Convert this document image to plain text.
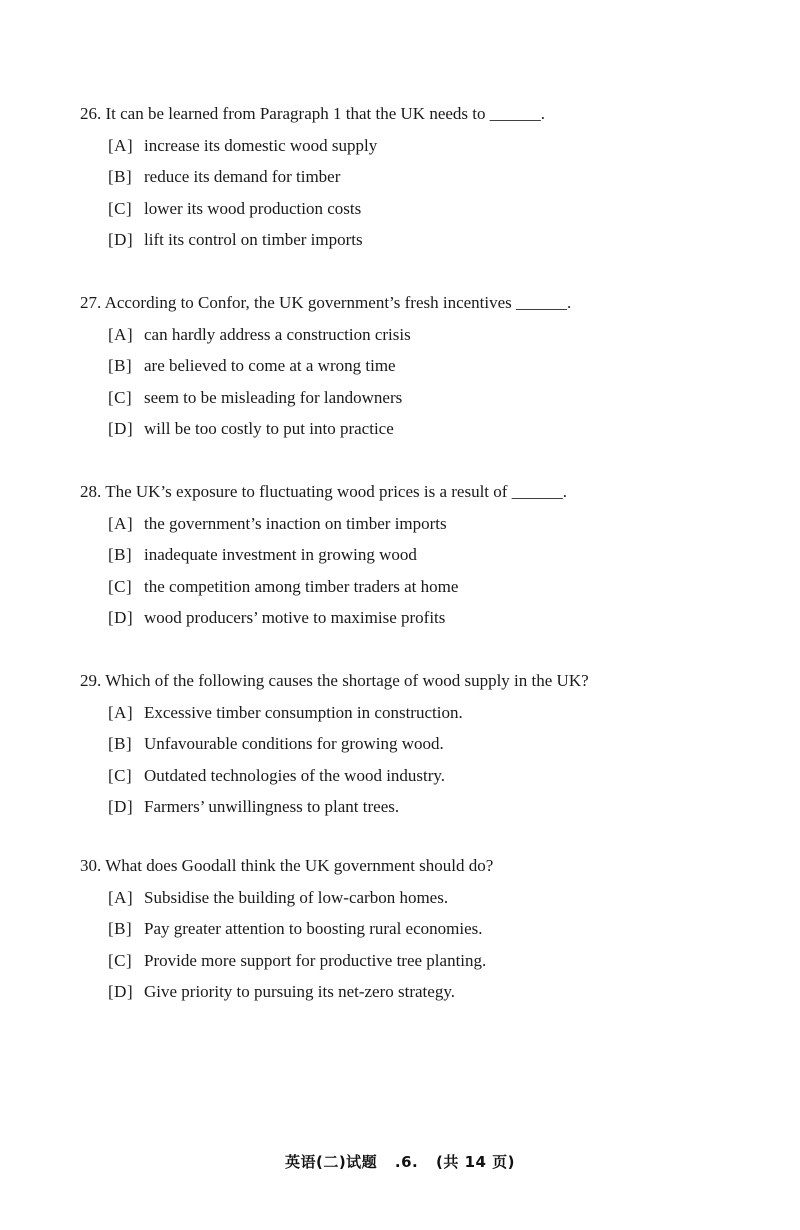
26. It can be learned from Paragraph 1 that the UK needs to ______.
[A] increase its domestic wood supply
[B] reduce its demand for timber
[C] lower its wood production costs
[D] lift its control on timber imports
27. According to Confor, the UK government’s fresh incentives ______.
[A] can hardly address a construction crisis
[B] are believed to come at a wrong time
[C] seem to be misleading for landowners
[D] will be too costly to put into practice
28. The UK’s exposure to fluctuating wood prices is a result of ______.
[A] the government’s inaction on timber imports
[B] inadequate investment in growing wood
[C] the competition among timber traders at home
[D] wood producers’ motive to maximise profits
29. Which of the following causes the shortage of wood supply in the UK?
[A] Excessive timber consumption in construction.
[B] Unfavourable conditions for growing wood.
[C] Outdated technologies of the wood industry.
[D] Farmers’ unwillingness to plant trees.
30. What does Goodall think the UK government should do?
[A] Subsidise the building of low-carbon homes.
[B] Pay greater attention to boosting rural economies.
[C] Provide more support for productive tree planting.
[D] Give priority to pursuing its net-zero strategy.
英语(二)试题 .6. (共 14 页)
